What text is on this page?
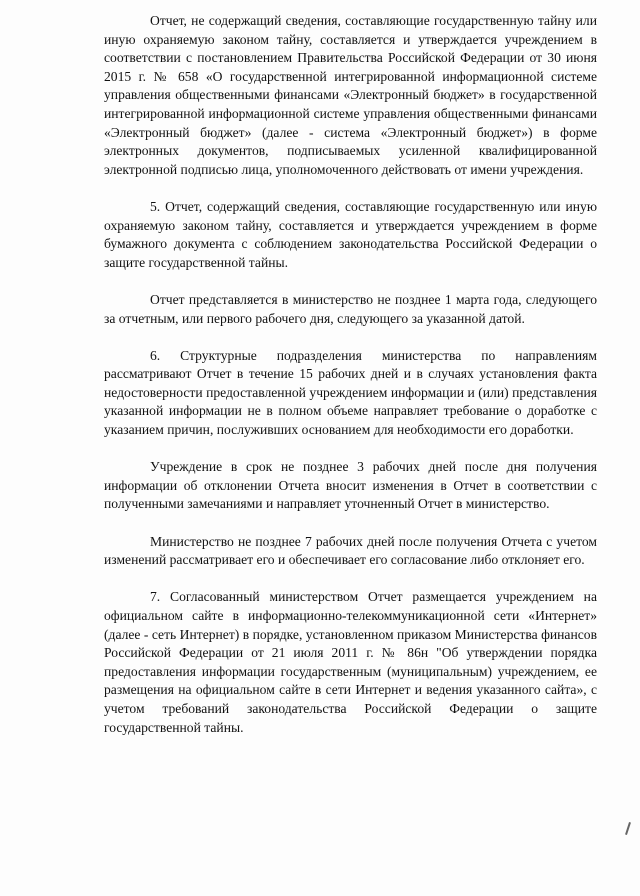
Отчет, не содержащий сведения, составляющие государственную тайну или иную охраняемую законом тайну, составляется и утверждается учреждением в соответствии с постановлением Правительства Российской Федерации от 30 июня 2015 г. № 658 «О государственной интегрированной информационной системе управления общественными финансами «Электронный бюджет» в государственной интегрированной информационной системе управления общественными финансами «Электронный бюджет» (далее - система «Электронный бюджет») в форме электронных документов, подписываемых усиленной квалифицированной электронной подписью лица, уполномоченного действовать от имени учреждения.

5. Отчет, содержащий сведения, составляющие государственную или иную охраняемую законом тайну, составляется и утверждается учреждением в форме бумажного документа с соблюдением законодательства Российской Федерации о защите государственной тайны.

Отчет представляется в министерство не позднее 1 марта года, следующего за отчетным, или первого рабочего дня, следующего за указанной датой.

6. Структурные подразделения министерства по направлениям рассматривают Отчет в течение 15 рабочих дней и в случаях установления факта недостоверности предоставленной учреждением информации и (или) представления указанной информации не в полном объеме направляет требование о доработке с указанием причин, послуживших основанием для необходимости его доработки.

Учреждение в срок не позднее 3 рабочих дней после дня получения информации об отклонении Отчета вносит изменения в Отчет в соответствии с полученными замечаниями и направляет уточненный Отчет в министерство.

Министерство не позднее 7 рабочих дней после получения Отчета с учетом изменений рассматривает его и обеспечивает его согласование либо отклоняет его.

7. Согласованный министерством Отчет размещается учреждением на официальном сайте в информационно-телекоммуникационной сети «Интернет» (далее - сеть Интернет) в порядке, установленном приказом Министерства финансов Российской Федерации от 21 июля 2011 г. № 86н "Об утверждении порядка предоставления информации государственным (муниципальным) учреждением, ее размещения на официальном сайте в сети Интернет и ведения указанного сайта», с учетом требований законодательства Российской Федерации о защите государственной тайны.
